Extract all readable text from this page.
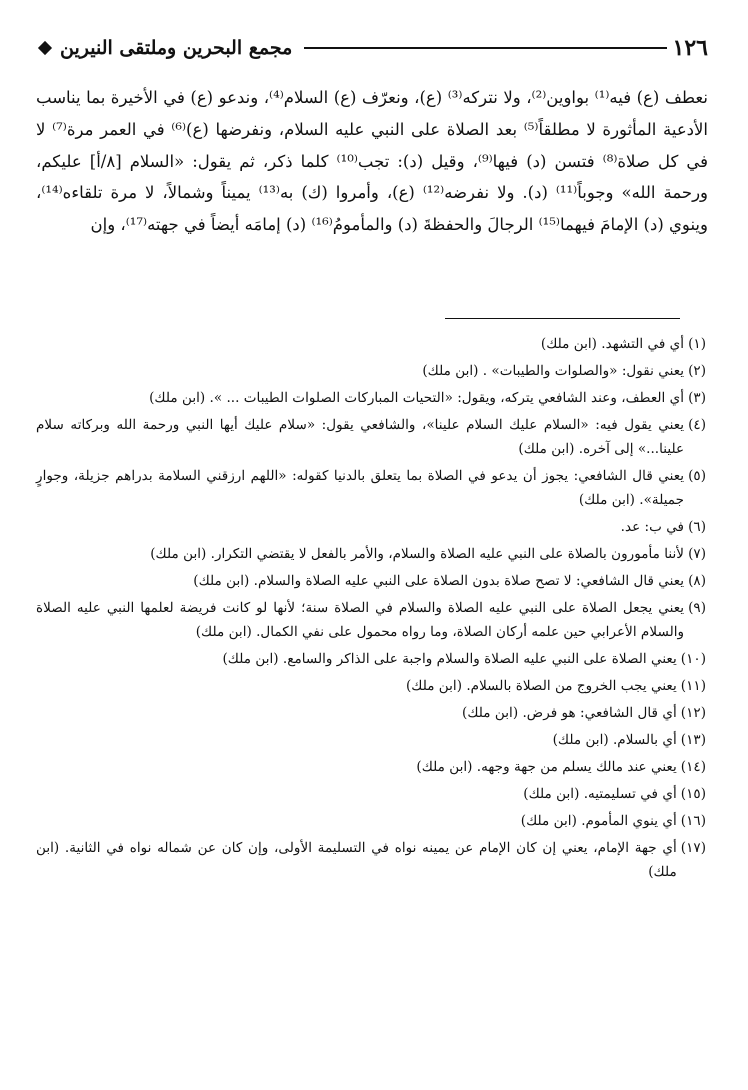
١٢٦
مجمع البحرين وملتقى النيرين

نعطف (ع) فيه⁽¹⁾ بواوين⁽²⁾، ولا نتركه⁽³⁾ (ع)، ونعرّف (ع) السلام⁽⁴⁾، وندعو (ع) في الأخيرة بما يناسب الأدعية المأثورة لا مطلقاً⁽⁵⁾ بعد الصلاة على النبي عليه السلام، ونفرضها (ع)⁽⁶⁾ في العمر مرة⁽⁷⁾ لا في كل صلاة⁽⁸⁾ فتسن (د) فيها⁽⁹⁾، وقيل (د): تجب⁽¹⁰⁾ كلما ذكر، ثم يقول: «السلام [٨/أ] عليكم، ورحمة الله» وجوباً⁽¹¹⁾ (د). ولا نفرضه⁽¹²⁾ (ع)، وأمروا (ك) به⁽¹³⁾ يميناً وشمالاً، لا مرة تلقاءه⁽¹⁴⁾، وينوي (د) الإمامَ فيهما⁽¹⁵⁾ الرجالَ والحفظةَ (د) والمأمومُ⁽¹⁶⁾ (د) إمامَه أيضاً في جهته⁽¹⁷⁾، وإن

(١)
أي في التشهد. (ابن ملك)
(٢)
يعني نقول: «والصلوات والطيبات» . (ابن ملك)
(٣)
أي العطف، وعند الشافعي يتركه، ويقول: «التحيات المباركات الصلوات الطيبات ... ». (ابن ملك)
(٤)
يعني يقول فيه: «السلام عليك السلام علينا»، والشافعي يقول: «سلام عليك أيها النبي ورحمة الله وبركاته سلام علينا...» إلى آخره. (ابن ملك)
(٥)
يعني قال الشافعي: يجوز أن يدعو في الصلاة بما يتعلق بالدنيا كقوله: «اللهم ارزقني السلامة بدراهم جزيلة، وجوارٍ جميلة». (ابن ملك)
(٦)
في ب: عد.
(٧)
لأننا مأمورون بالصلاة على النبي عليه الصلاة والسلام، والأمر بالفعل لا يقتضي التكرار. (ابن ملك)
(٨)
يعني قال الشافعي: لا تصح صلاة بدون الصلاة على النبي عليه الصلاة والسلام. (ابن ملك)
(٩)
يعني يجعل الصلاة على النبي عليه الصلاة والسلام في الصلاة سنة؛ لأنها لو كانت فريضة لعلمها النبي عليه الصلاة والسلام الأعرابي حين علمه أركان الصلاة، وما رواه محمول على نفي الكمال. (ابن ملك)
(١٠)
يعني الصلاة على النبي عليه الصلاة والسلام واجبة على الذاكر والسامع. (ابن ملك)
(١١)
يعني يجب الخروج من الصلاة بالسلام. (ابن ملك)
(١٢)
أي قال الشافعي: هو فرض. (ابن ملك)
(١٣)
أي بالسلام. (ابن ملك)
(١٤)
يعني عند مالك يسلم من جهة وجهه. (ابن ملك)
(١٥)
أي في تسليمتيه. (ابن ملك)
(١٦)
أي ينوي المأموم. (ابن ملك)
(١٧)
أي جهة الإمام، يعني إن كان الإمام عن يمينه نواه في التسليمة الأولى، وإن كان عن شماله نواه في الثانية. (ابن ملك)
